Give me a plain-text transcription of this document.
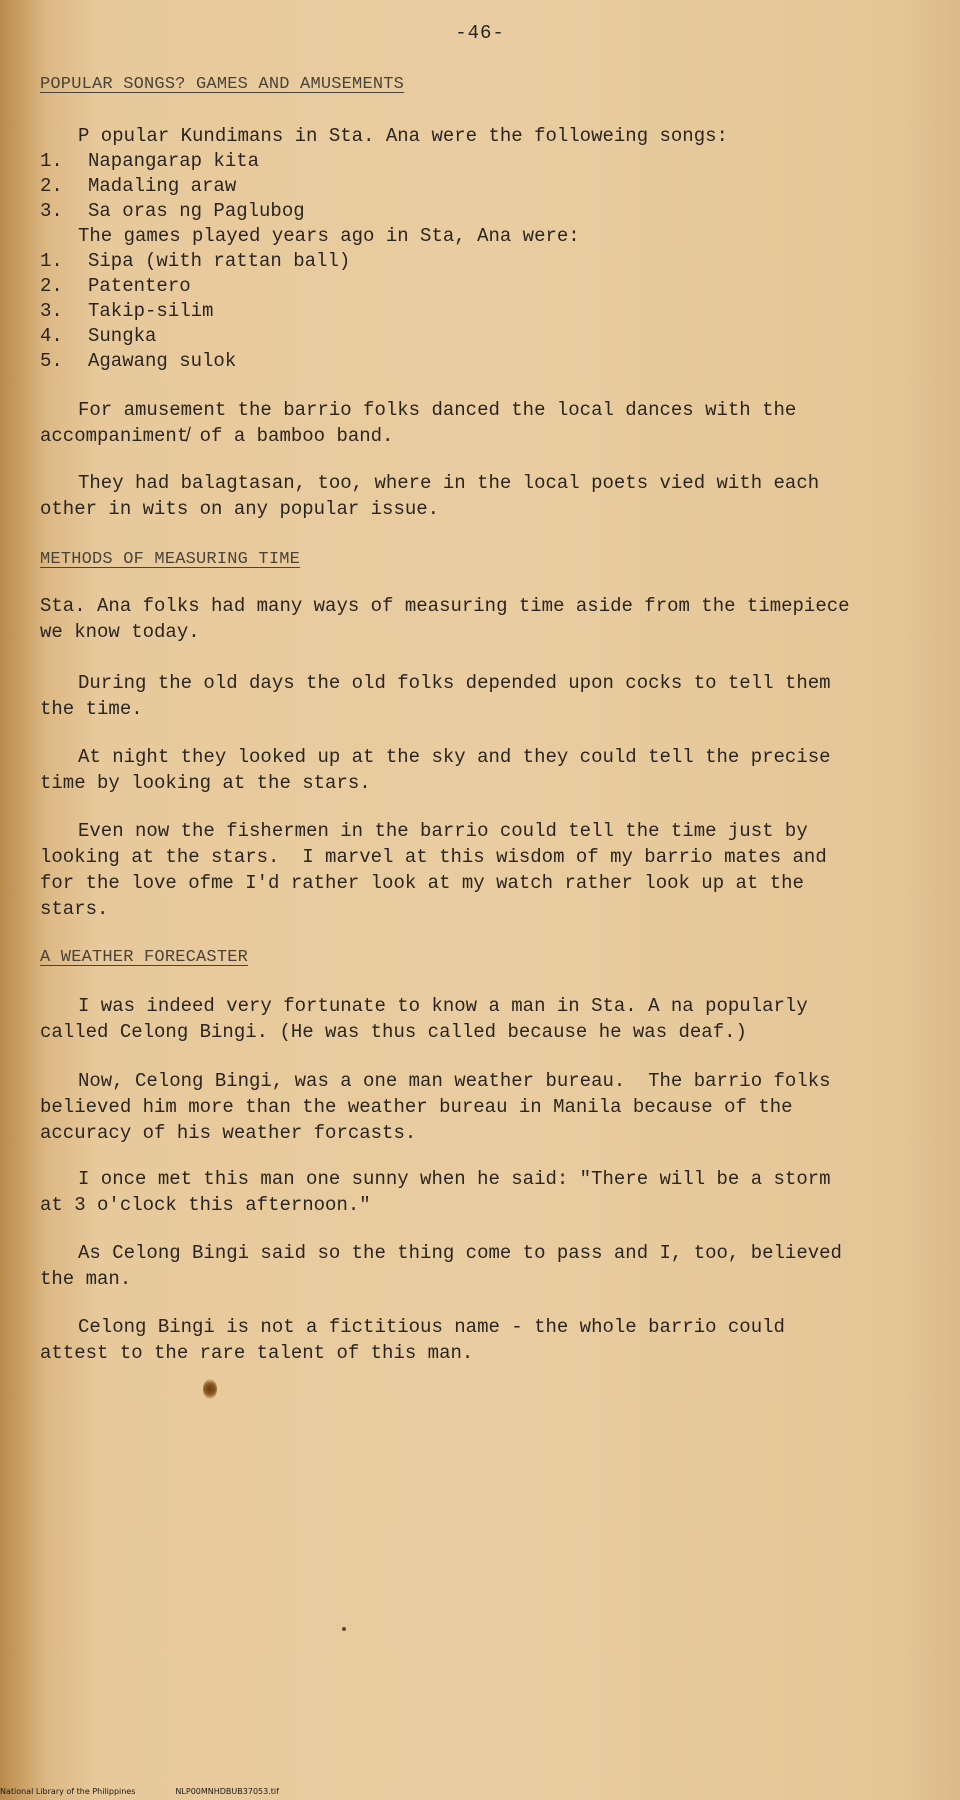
-46-
POPULAR SONGS? GAMES AND AMUSEMENTS
P opular Kundimans in Sta. Ana were the followeing songs:
1. Napangarap kita
2. Madaling araw
3. Sa oras ng Paglubog
The games played years ago in Sta, Ana were:
1. Sipa (with rattan ball)
2. Patentero
3. Takip-silim
4. Sungka
5. Agawang sulok
For amusement the barrio folks danced the local dances with the
accompaniment̸ of a bamboo band.
They had balagtasan, too, where in the local poets vied with each
other in wits on any popular issue.
METHODS OF MEASURING TIME
Sta. Ana folks had many ways of measuring time aside from the timepiece
we know today.
During the old days the old folks depended upon cocks to tell them
the time.
At night they looked up at the sky and they could tell the precise
time by looking at the stars.
Even now the fishermen in the barrio could tell the time just by
looking at the stars.  I marvel at this wisdom of my barrio mates and
for the love ofme I'd rather look at my watch rather look up at the
stars.
A WEATHER FORECASTER
I was indeed very fortunate to know a man in Sta. A na popularly
called Celong Bingi. (He was thus called because he was deaf.)
Now, Celong Bingi, was a one man weather bureau.  The barrio folks
believed him more than the weather bureau in Manila because of the
accuracy of his weather forcasts.
I once met this man one sunny when he said: "There will be a storm
at 3 o'clock this afternoon."
As Celong Bingi said so the thing come to pass and I, too, believed
the man.
Celong Bingi is not a fictitious name - the whole barrio could
attest to the rare talent of this man.
National Library of the Philippines	NLP00MNHDBUB37053.tif
